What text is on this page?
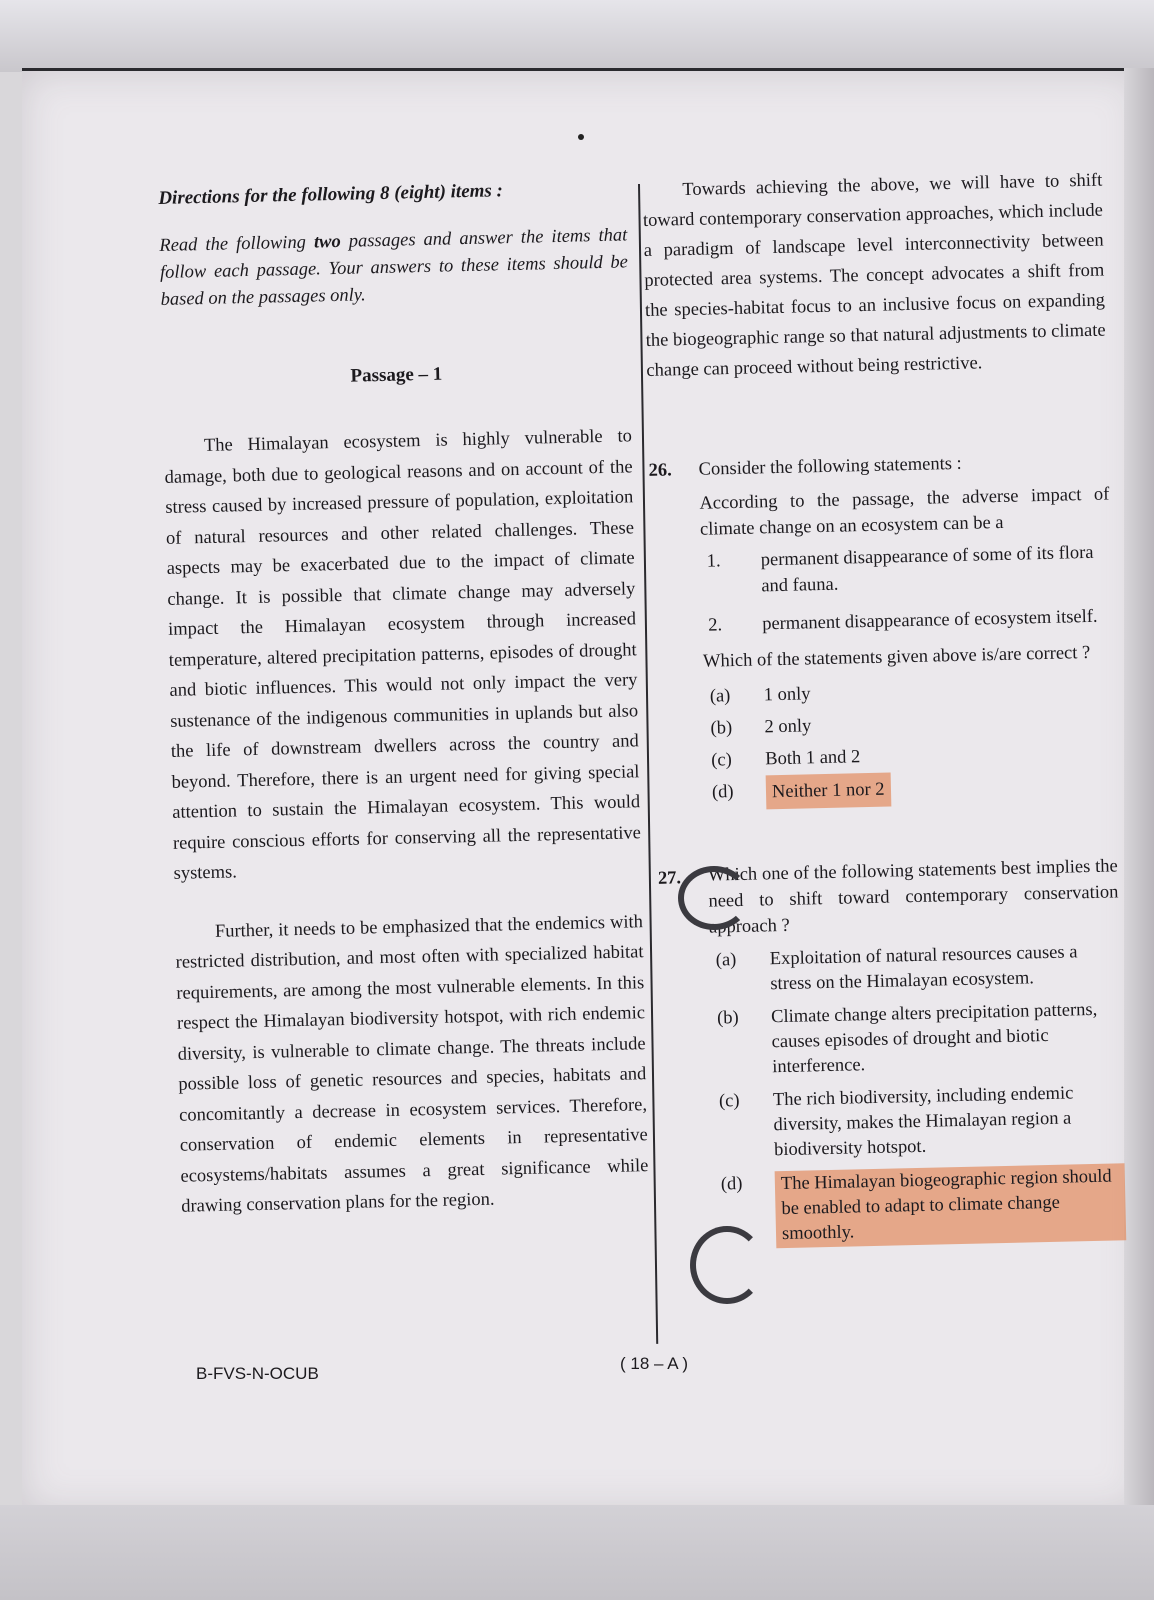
Directions for the following 8 (eight) items :

Read the following two passages and answer the items that follow each passage. Your answers to these items should be based on the passages only.

Passage – 1

The Himalayan ecosystem is highly vulnerable to damage, both due to geological reasons and on account of the stress caused by increased pressure of population, exploitation of natural resources and other related challenges. These aspects may be exacerbated due to the impact of climate change. It is possible that climate change may adversely impact the Himalayan ecosystem through increased temperature, altered precipitation patterns, episodes of drought and biotic influences. This would not only impact the very sustenance of the indigenous communities in uplands but also the life of downstream dwellers across the country and beyond. Therefore, there is an urgent need for giving special attention to sustain the Himalayan ecosystem. This would require conscious efforts for conserving all the representative systems.

Further, it needs to be emphasized that the endemics with restricted distribution, and most often with specialized habitat requirements, are among the most vulnerable elements. In this respect the Himalayan biodiversity hotspot, with rich endemic diversity, is vulnerable to climate change. The threats include possible loss of genetic resources and species, habitats and concomitantly a decrease in ecosystem services. Therefore, conservation of endemic elements in representative ecosystems/habitats assumes a great significance while drawing conservation plans for the region.

Towards achieving the above, we will have to shift toward contemporary conservation approaches, which include a paradigm of landscape level interconnectivity between protected area systems. The concept advocates a shift from the species-habitat focus to an inclusive focus on expanding the biogeographic range so that natural adjustments to climate change can proceed without being restrictive.

26.	Consider the following statements :

According to the passage, the adverse impact of climate change on an ecosystem can be a

1.	permanent disappearance of some of its flora and fauna.
2.	permanent disappearance of ecosystem itself.

Which of the statements given above is/are correct ?

(a)	1 only
(b)	2 only
(c)	Both 1 and 2
(d)	Neither 1 nor 2
27.	Which one of the following statements best implies the need to shift toward contemporary conservation approach ?

(a)	Exploitation of natural resources causes a stress on the Himalayan ecosystem.
(b)	Climate change alters precipitation patterns, causes episodes of drought and biotic interference.
(c)	The rich biodiversity, including endemic diversity, makes the Himalayan region a biodiversity hotspot.
(d)	The Himalayan biogeographic region should be enabled to adapt to climate change smoothly.
B-FVS-N-OCUB
( 18 – A )
